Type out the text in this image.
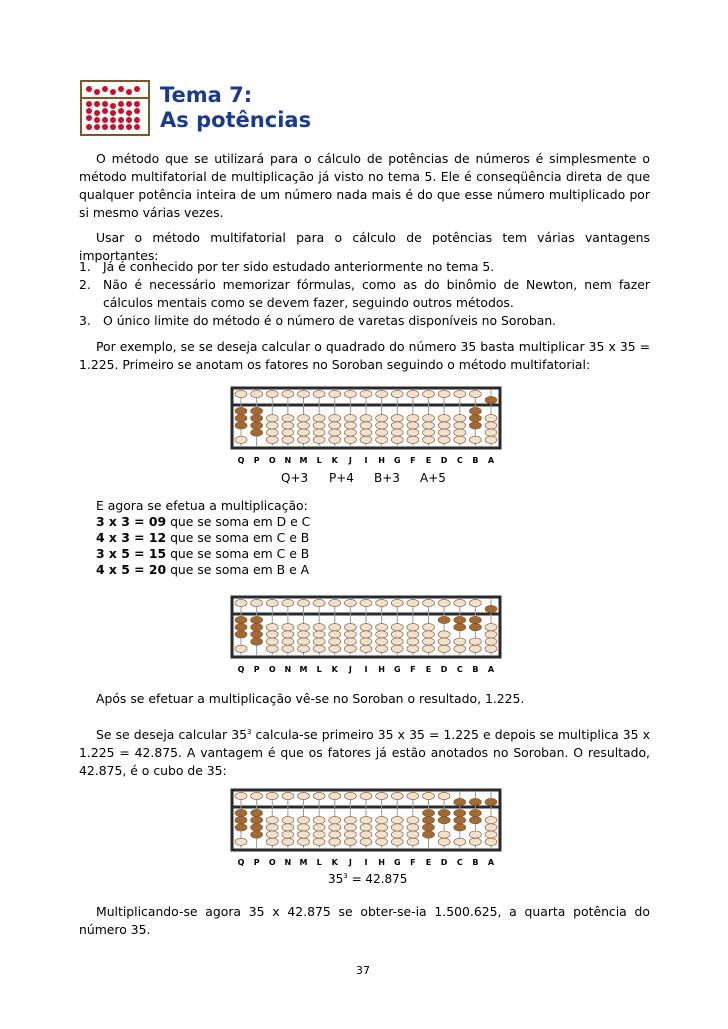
Tema 7:
As potências
O método que se utilizará para o cálculo de potências de números é simplesmente o método multifatorial de multiplicação já visto no tema 5. Ele é conseqüência direta de que qualquer potência inteira de um número nada mais é do que esse número multiplicado por si mesmo várias vezes.
Usar o método multifatorial para o cálculo de potências tem várias vantagens importantes:
1. Já é conhecido por ter sido estudado anteriormente no tema 5.
2. Não é necessário memorizar fórmulas, como as do binômio de Newton, nem fazer cálculos mentais como se devem fazer, seguindo outros métodos.
3. O único limite do método é o número de varetas disponíveis no Soroban.
Por exemplo, se se deseja calcular o quadrado do número 35 basta multiplicar 35 x 35 = 1.225. Primeiro se anotam os fatores no Soroban seguindo o método multifatorial:
Q P O N M L K J I H G F E D C B A
Q+3 P+4 B+3 A+5
E agora se efetua a multiplicação:
3 x 3 = 09 que se soma em D e C
4 x 3 = 12 que se soma em C e B
3 x 5 = 15 que se soma em C e B
4 x 5 = 20 que se soma em B e A
Q P O N M L K J I H G F E D C B A
Após se efetuar a multiplicação vê-se no Soroban o resultado, 1.225.
Se se deseja calcular $35^3$ calcula-se primeiro 35 x 35 = 1.225 e depois se multiplica 35 x 1.225 = 42.875. A vantagem é que os fatores já estão anotados no Soroban. O resultado, 42.875, é o cubo de 35:
Q P O N M L K J I H G F E D C B A
$35^3 = 42.875$
Multiplicando-se agora 35 x 42.875 se obter-se-ia 1.500.625, a quarta potência do número 35.
37
